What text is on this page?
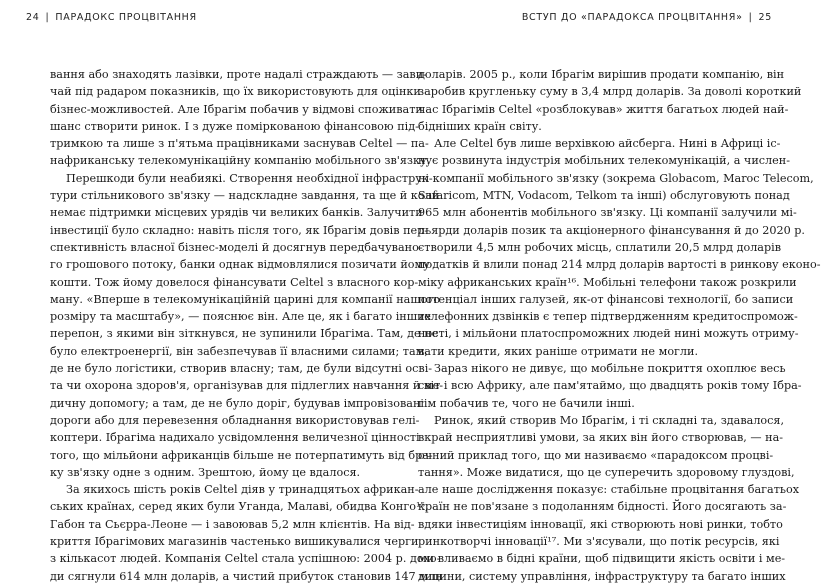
24 | ПАРАДОКС ПРОЦВІТАННЯ
вання або знаходять лазівки, проте надалі страждають — зави-
чай під радаром показників, що їх використовують для оцінки
бізнес-можливостей. Але Ібрагім побачив у відмові споживати
шанс створити ринок. І з дуже поміркованою фінансовою під-
тримкою та лише з п'ятьма працівниками заснував Celtel — па-
нафриканську телекомунікаційну компанію мобільного зв'язку.
Перешкоди були неабиякі. Створення необхідної інфраструк-
тури стільникового зв'язку — надскладне завдання, та ще й коли
немає підтримки місцевих урядів чи великих банків. Залучити
інвестиції було складно: навіть після того, як Ібрагім довів пер-
спективність власної бізнес-моделі й досягнув передбачувано-
го грошового потоку, банки однак відмовлялися позичати йому
кошти. Тож йому довелося фінансувати Celtel з власного кор-
ману. «Вперше в телекомунікаційній царині для компанії нашого
розміру та масштабу», — пояснює він. Але це, як і багато інших
перепон, з якими він зіткнувся, не зупинили Ібрагіма. Там, де не
було електроенергії, він забезпечував її власними силами; там,
де не було логістики, створив власну; там, де були відсутні осві-
та чи охорона здоров'я, організував для підлеглих навчання й ме-
дичну допомогу; а там, де не було доріг, будував імпровізовані
дороги або для перевезення обладнання використовував гелі-
коптери. Ібрагіма надихало усвідомлення величезної цінності
того, що мільйони африканців більше не потерпатимуть від бра-
ку зв'язку одне з одним. Зрештою, йому це вдалося.
За якихось шість років Celtel діяв у тринадцятьох африкан-
ських країнах, серед яких були Уганда, Малаві, обидва Конго¹⁵,
Габон та Сьєрра-Леоне — і завоював 5,2 млн клієнтів. На від-
криття Ібрагімових магазинів частенько вишикувалися черги
з кількасот людей. Компанія Celtel стала успішною: 2004 р. дохо-
ди сягнули 614 млн доларів, а чистий прибуток становив 147 млн
ВСТУП ДО «ПАРАДОКСА ПРОЦВІТАННЯ» | 25
доларів. 2005 р., коли Ібрагім вирішив продати компанію, він
заробив кругленьку суму в 3,4 млрд доларів. За доволі короткий
час Ібрагімів Celtel «розблокував» життя багатьох людей най-
бідніших країн світу.
Але Celtel був лише верхівкою айсберга. Нині в Африці іс-
нує розвинута індустрія мобільних телекомунікацій, а числен-
ні компанії мобільного зв'язку (зокрема Globacom, Maroc Telecom,
Safaricom, MTN, Vodacom, Telkom та інші) обслуговують понад
965 млн абонентів мобільного зв'язку. Ці компанії залучили мі-
льярди доларів позик та акціонерного фінансування й до 2020 р.
створили 4,5 млн робочих місць, сплатили 20,5 млрд доларів
податків й влили понад 214 млрд доларів вартості в ринкову еконо-
міку африканських країн¹⁶. Мобільні телефони також розкрили
потенціал інших галузей, як-от фінансові технології, бо записи
телефонних дзвінків є тепер підтвердженням кредитоспромож-
ності, і мільйони платоспроможних людей нині можуть отриму-
вати кредити, яких раніше отримати не могли.
Зараз нікого не дивує, що мобільне покриття охоплює весь
світ і всю Африку, але пам'ятаймо, що двадцять років тому Ібра-
гім побачив те, чого не бачили інші.
Ринок, який створив Мо Ібрагім, і ті складні та, здавалося,
вкрай несприятливі умови, за яких він його створював, — на-
очний приклад того, що ми називаємо «парадоксом процві-
тання». Може видатися, що це суперечить здоровому глуздові,
але наше дослідження показує: стабільне процвітання багатьох
країн не пов'язане з подоланням бідності. Його досягають за-
вдяки інвестиціям інновації, які створюють нові ринки, тобто
ринкотворчі інновації¹⁷. Ми з'ясували, що потік ресурсів, які
ми вливаємо в бідні країни, щоб підвищити якість освіти і ме-
дицини, систему управління, інфраструктуру та багато інших
